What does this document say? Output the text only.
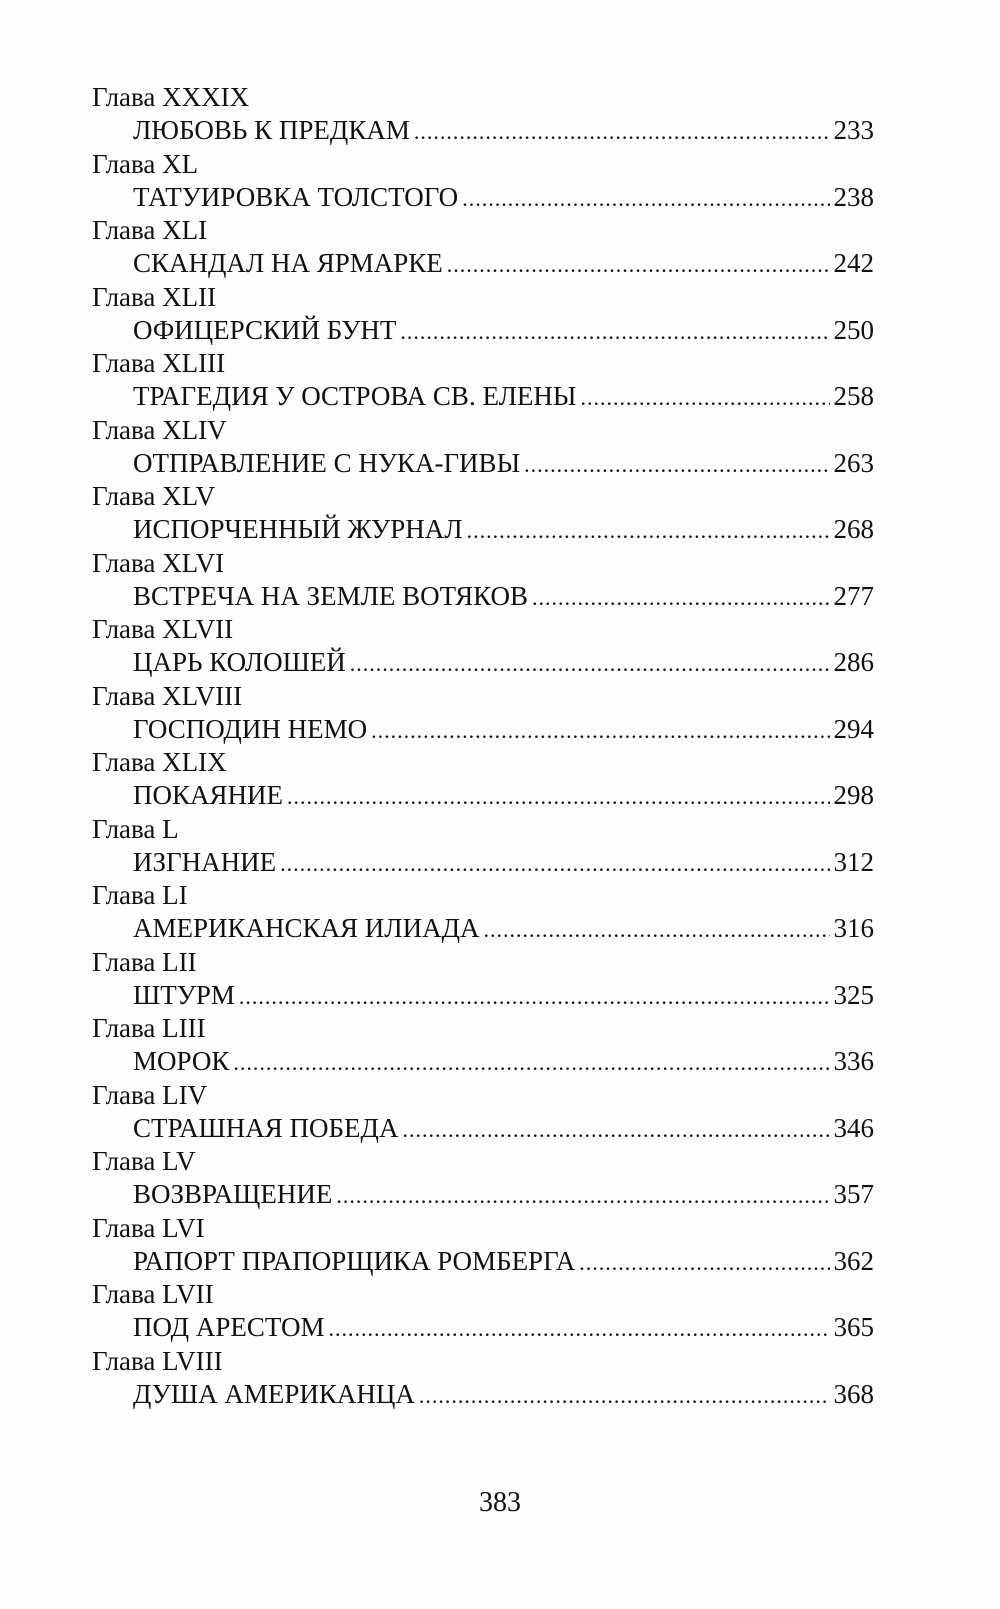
Глава XXXIX
ЛЮБОВЬ К ПРЕДКАМ .....	233
Глава XL
ТАТУИРОВКА ТОЛСТОГО .....	238
Глава XLI
СКАНДАЛ НА ЯРМАРКЕ .....	242
Глава XLII
ОФИЦЕРСКИЙ БУНТ .....	250
Глава XLIII
ТРАГЕДИЯ У ОСТРОВА СВ. ЕЛЕНЫ .....	258
Глава XLIV
ОТПРАВЛЕНИЕ С НУКА-ГИВЫ .....	263
Глава XLV
ИСПОРЧЕННЫЙ ЖУРНАЛ .....	268
Глава XLVI
ВСТРЕЧА НА ЗЕМЛЕ ВОТЯКОВ .....	277
Глава XLVII
ЦАРЬ КОЛОШЕЙ .....	286
Глава XLVIII
ГОСПОДИН НЕМО .....	294
Глава XLIX
ПОКАЯНИЕ .....	298
Глава L
ИЗГНАНИЕ .....	312
Глава LI
АМЕРИКАНСКАЯ ИЛИАДА .....	316
Глава LII
ШТУРМ .....	325
Глава LIII
МОРОК .....	336
Глава LIV
СТРАШНАЯ ПОБЕДА .....	346
Глава LV
ВОЗВРАЩЕНИЕ .....	357
Глава LVI
РАПОРТ ПРАПОРЩИКА РОМБЕРГА .....	362
Глава LVII
ПОД АРЕСТОМ .....	365
Глава LVIII
ДУША АМЕРИКАНЦА .....	368
383
